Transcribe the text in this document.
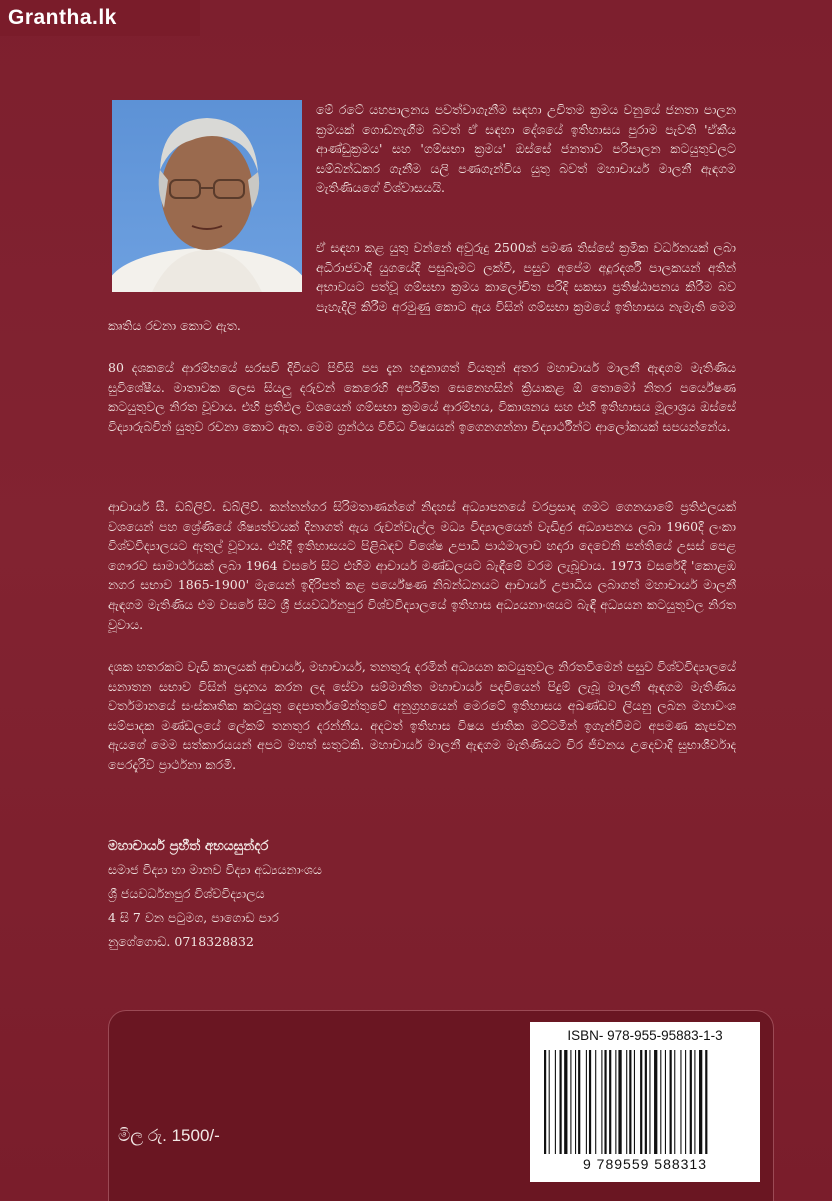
Grantha.lk
මේ රටේ යහපාලනය පවත්වාගැනීම සඳහා උචිතම ක්‍රමය වනුයේ ජනතා පාලන ක්‍රමයක් ගොඩනැගීම බවත් ඒ සඳහා දේශයේ ඉතිහාසය පුරාම පැවති 'ඒකීය ආණ්ඩුක්‍රමය' සහ 'ගම්සභා ක්‍රමය' ඔස්සේ ජනතාව පරිපාලන කටයුතුවලට සම්බන්ධකර ගැනීම යලි පණගැන්විය යුතු බවත් මහාචාර්ය මාලනී ඇඳගම මැතිණියගේ විශ්වාසයයි.
ඒ සඳහා කළ යුතු වන්නේ අවුරුදු 2500ක් පමණ තිස්සේ ක්‍රමික වර්ධනයක් ලබා අධිරාජවාදී යුගයේදී පසුබෑමට ලක්වී, පසුව අපේම අදූරදර්ශී පාලකයන් අතින් අභාවයට පත්වූ ගම්සභා ක්‍රමය කාලෝචිත පරිදි සකසා ප්‍රතිෂ්ඨාපනය කිරීම බව පැහැදිලි කිරීම අරමුණු කොට ඇය විසින් ගම්සභා ක්‍රමයේ ඉතිහාසය නැමැති මෙම කෘතිය රචනා කොට ඇත.
80 දශකයේ ආරම්භයේ සරසවි දිවියට පිවිසි පප දැන හඳුනාගත් වියතුන් අතර මහාචාර්ය මාලනී ඇඳගම මැතිණිය සුවිශේෂීය. මාතාවක ලෙස සියලු දරුවන් කෙරෙහි අපරිමිත සෙනෙහසින් ක්‍රියාකළ ඕ තොමෝ නිතර පර්යේෂණ කටයුතුවල නිරත වූවාය. එහි ප්‍රතිඵල වශයෙන් ගම්සභා ක්‍රමයේ ආරම්භය, විකාශනය සහ එහි ඉතිහාසය මූලාශ්‍රය ඔස්සේ විද්‍යාරුබවින් යුතුව රචනා කොට ඇත. මෙම ග්‍රන්ථය විවිධ විෂයයන් ඉගෙනගන්නා විද්‍යාර්ථීන්ට ආලෝකයක් සපයන්නේය.
ආචාර්ය සී. ඩබ්ලිව්. ඩබ්ලිව්. කන්නන්ගර සිරිමතාණන්ගේ නිදහස් අධ්‍යාපනයේ වරප්‍රසාද ගමට ගෙනයාමේ ප්‍රතිඵලයක් වශයෙන් පහ ශ්‍රේණියේ ශිෂ්‍යත්වයක් දිනාගත් ඇය රුවන්වැල්ල මධ්‍ය විද්‍යාලයෙන් වැඩිදුර අධ්‍යාපනය ලබා 1960දී ලංකා විශ්වවිද්‍යාලයට ඇතුල් වූවාය. එහිදී ඉතිහාසයට පිළිබඳව විශේෂ උපාධි පාඨමාලාව හදාරා දෙවෙනි පන්තියේ උසස් පෙළ ගෞරව සාමාර්ථයක් ලබා 1964 වසරේ සිට එහිම ආචාර්ය මණ්ඩලයට බැඳීමේ වරම ලැබූවාය. 1973 වසරේදී 'කොළඹ නගර සභාව 1865-1900' මැයෙන් ඉදිරිපත් කළ පර්යේෂණ නිබන්ධනයට ආචාර්ය උපාධිය ලබාගත් මහාචාර්ය මාලනී ඇඳගම මැතිණිය එම වසරේ සිට ශ්‍රී ජයවර්ධනපුර විශ්වවිද්‍යාලයේ ඉතිහාස අධ්‍යයනාංශයට බැඳී අධ්‍යයන කටයුතුවල නිරත වූවාය.
දශක හතරකට වැඩි කාලයක් ආචාර්ය, මහාචාර්ය, තනතුරු දරමින් අධ්‍යයන කටයුතුවල නිරතවීමෙන් පසුව විශ්වවිද්‍යාලයේ සනාතන සභාව විසින් ප්‍රදානය කරන ලද සේවා සම්මානිත මහාචාර්ය පදවියෙන් පිදුම් ලැබූ මාලනී ඇඳගම මැතිණිය වර්තමානයේ සංස්කෘතික කටයුතු දෙපාර්තමේන්තුවේ අනුග්‍රහයෙන් මෙරටේ ඉතිහාසය අඛණ්ඩව ලියනු ලබන මහාවංශ සම්පාදක මණ්ඩලයේ ලේකම් තනතුර දරන්නීය. අදටත් ඉතිහාස විෂය ජාතික මට්ටමින් ඉගැන්වීමට අපමණ කැපවන ඇයගේ මෙම සත්කාරයයන් අපට මහත් සතුටකි. මහාචාර්ය මාලනී ඇඳගම මැතිණියට චිර ජීවනය උදෙවාදි සුභාශීර්වාද පෙරදැරිව ප්‍රාර්ථනා කරමි.
මහාචාර්ය ප්‍රභීත් අභයසුන්දර
සමාජ විද්‍යා හා මානව විද්‍යා අධ්‍යයනාංශය
ශ්‍රී ජයවර්ධනපුර විශ්වවිද්‍යාලය
4 සි 7 වන පටුමග, පාගොඩ පාර
නුගේගොඩ. 0718328832
මිල රු. 1500/-
ISBN- 978-955-95883-1-3
9 789559 588313
